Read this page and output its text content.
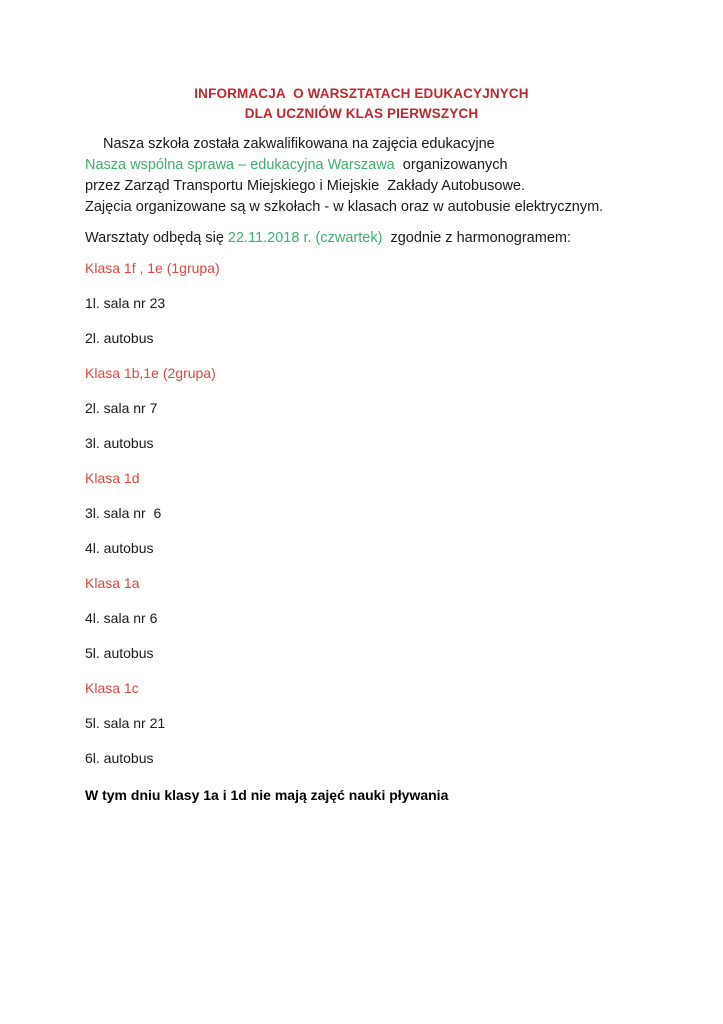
INFORMACJA  O WARSZTATACH EDUKACYJNYCH
DLA UCZNIÓW KLAS PIERWSZYCH
Nasza szkoła została zakwalifikowana na zajęcia edukacyjne
Nasza wspólna sprawa – edukacyjna Warszawa  organizowanych
przez Zarząd Transportu Miejskiego i Miejskie  Zakłady Autobusowe.
Zajęcia organizowane są w szkołach - w klasach oraz w autobusie elektrycznym.
Warsztaty odbędą się 22.11.2018 r. (czwartek)  zgodnie z harmonogramem:
Klasa 1f , 1e (1grupa)
1l. sala nr 23
2l. autobus
Klasa 1b,1e (2grupa)
2l. sala nr 7
3l. autobus
Klasa 1d
3l. sala nr  6
4l. autobus
Klasa 1a
4l. sala nr 6
5l. autobus
Klasa 1c
5l. sala nr 21
6l. autobus
W tym dniu klasy 1a i 1d nie mają zajęć nauki pływania
